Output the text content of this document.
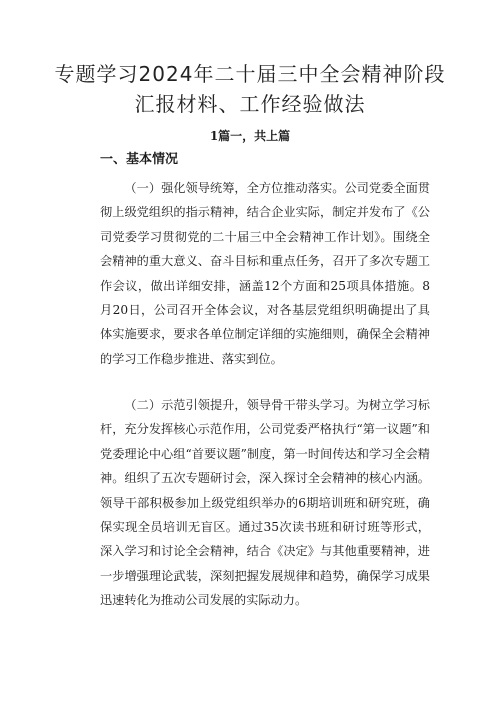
专题学习2024年二十届三中全会精神阶段
汇报材料、工作经验做法
1篇一，共上篇
一、基本情况

（一）强化领导统筹，全方位推动落实。公司党委全面贯彻上级党组织的指示精神，结合企业实际，制定并发布了《公司党委学习贯彻党的二十届三中全会精神工作计划》。围绕全会精神的重大意义、奋斗目标和重点任务，召开了多次专题工作会议，做出详细安排，涵盖12个方面和25项具体措施。8月20日，公司召开全体会议，对各基层党组织明确提出了具体实施要求，要求各单位制定详细的实施细则，确保全会精神的学习工作稳步推进、落实到位。

（二）示范引领提升，领导骨干带头学习。为树立学习标杆，充分发挥核心示范作用，公司党委严格执行“第一议题”和党委理论中心组“首要议题”制度，第一时间传达和学习全会精神。组织了五次专题研讨会，深入探讨全会精神的核心内涵。领导干部积极参加上级党组织举办的6期培训班和研究班，确保实现全员培训无盲区。通过35次读书班和研讨班等形式，深入学习和讨论全会精神，结合《决定》与其他重要精神，进一步增强理论武装，深刻把握发展规律和趋势，确保学习成果迅速转化为推动公司发展的实际动力。
